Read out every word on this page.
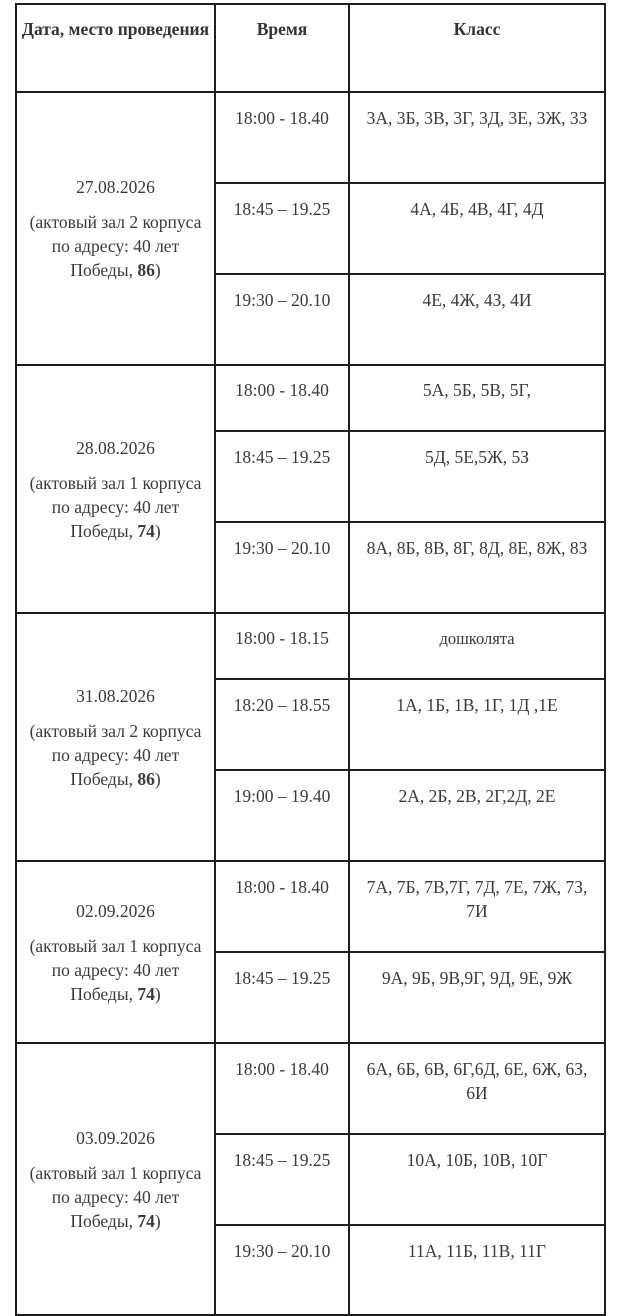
Дата, место проведения	Время	Класс

27.08.2026
(актовый зал 2 корпуса по адресу: 40 лет Победы, 86)	18:00 - 18.40	3А, 3Б, 3В, 3Г, 3Д, 3Е, 3Ж, 3З
	18:45 – 19.25	4А, 4Б, 4В, 4Г, 4Д
	19:30 – 20.10	4Е, 4Ж, 4З, 4И

28.08.2026
(актовый зал 1 корпуса по адресу: 40 лет Победы, 74)	18:00 - 18.40	5А, 5Б, 5В, 5Г,
	18:45 – 19.25	5Д, 5Е,5Ж, 5З
	19:30 – 20.10	8А, 8Б, 8В, 8Г, 8Д, 8Е, 8Ж, 8З

31.08.2026
(актовый зал 2 корпуса по адресу: 40 лет Победы, 86)	18:00 - 18.15	дошколята
	18:20 – 18.55	1А, 1Б, 1В, 1Г, 1Д ,1Е
	19:00 – 19.40	2А, 2Б, 2В, 2Г,2Д, 2Е

02.09.2026
(актовый зал 1 корпуса по адресу: 40 лет Победы, 74)	18:00 - 18.40	7А, 7Б, 7В,7Г, 7Д, 7Е, 7Ж, 7З, 7И
	18:45 – 19.25	9А, 9Б, 9В,9Г, 9Д, 9Е, 9Ж

03.09.2026
(актовый зал 1 корпуса по адресу: 40 лет Победы, 74)	18:00 - 18.40	6А, 6Б, 6В, 6Г,6Д, 6Е, 6Ж, 6З, 6И
	18:45 – 19.25	10А, 10Б, 10В, 10Г
	19:30 – 20.10	11А, 11Б, 11В, 11Г
